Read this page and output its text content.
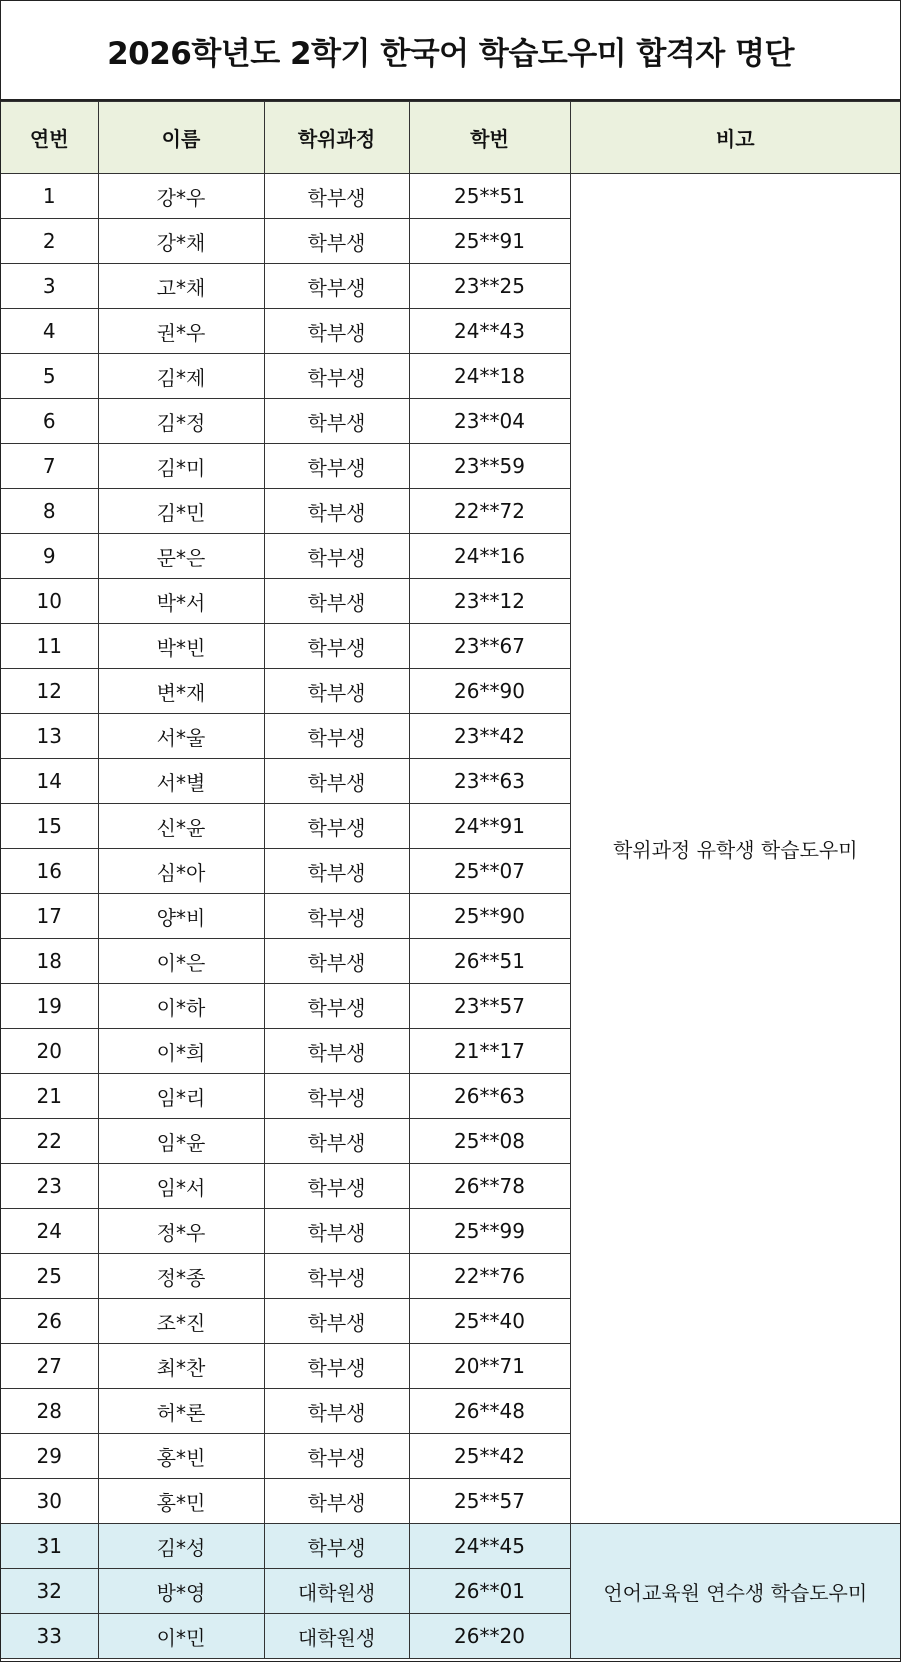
2026학년도 2학기 한국어 학습도우미 합격자 명단
연번	이름	학위과정	학번	비고
1	강*우	학부생	25**51	학위과정 유학생 학습도우미
2	강*채	학부생	25**91	
3	고*채	학부생	23**25	
4	권*우	학부생	24**43	
5	김*제	학부생	24**18	
6	김*정	학부생	23**04	
7	김*미	학부생	23**59	
8	김*민	학부생	22**72	
9	문*은	학부생	24**16	
10	박*서	학부생	23**12	
11	박*빈	학부생	23**67	
12	변*재	학부생	26**90	
13	서*울	학부생	23**42	
14	서*별	학부생	23**63	
15	신*윤	학부생	24**91	
16	심*아	학부생	25**07	
17	양*비	학부생	25**90	
18	이*은	학부생	26**51	
19	이*하	학부생	23**57	
20	이*희	학부생	21**17	
21	임*리	학부생	26**63	
22	임*윤	학부생	25**08	
23	임*서	학부생	26**78	
24	정*우	학부생	25**99	
25	정*종	학부생	22**76	
26	조*진	학부생	25**40	
27	최*찬	학부생	20**71	
28	허*론	학부생	26**48	
29	홍*빈	학부생	25**42	
30	홍*민	학부생	25**57	
31	김*성	학부생	24**45	언어교육원 연수생 학습도우미
32	방*영	대학원생	26**01	
33	이*민	대학원생	26**20	
